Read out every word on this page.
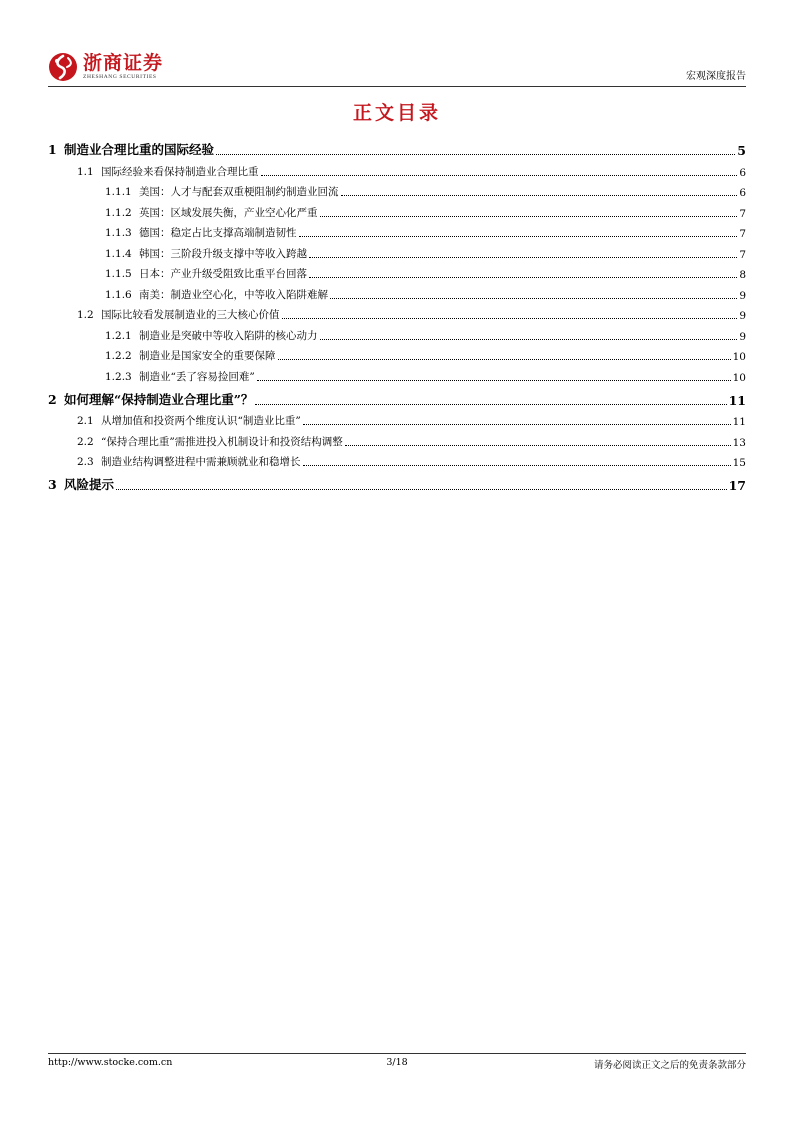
浙商证券
ZHESHANG SECURITIES	宏观深度报告
正文目录
1 制造业合理比重的国际经验	5
1.1 国际经验来看保持制造业合理比重	6
1.1.1 美国：人才与配套双重梗阻制约制造业回流	6
1.1.2 英国：区域发展失衡，产业空心化严重	7
1.1.3 德国：稳定占比支撑高端制造韧性	7
1.1.4 韩国：三阶段升级支撑中等收入跨越	7
1.1.5 日本：产业升级受阻致比重平台回落	8
1.1.6 南美：制造业空心化，中等收入陷阱难解	9
1.2 国际比较看发展制造业的三大核心价值	9
1.2.1 制造业是突破中等收入陷阱的核心动力	9
1.2.2 制造业是国家安全的重要保障	10
1.2.3 制造业“丢了容易捡回难”	10
2 如何理解“保持制造业合理比重”？	11
2.1 从增加值和投资两个维度认识“制造业比重”	11
2.2 “保持合理比重”需推进投入机制设计和投资结构调整	13
2.3 制造业结构调整进程中需兼顾就业和稳增长	15
3 风险提示	17
http://www.stocke.com.cn	3/18	请务必阅读正文之后的免责条款部分
